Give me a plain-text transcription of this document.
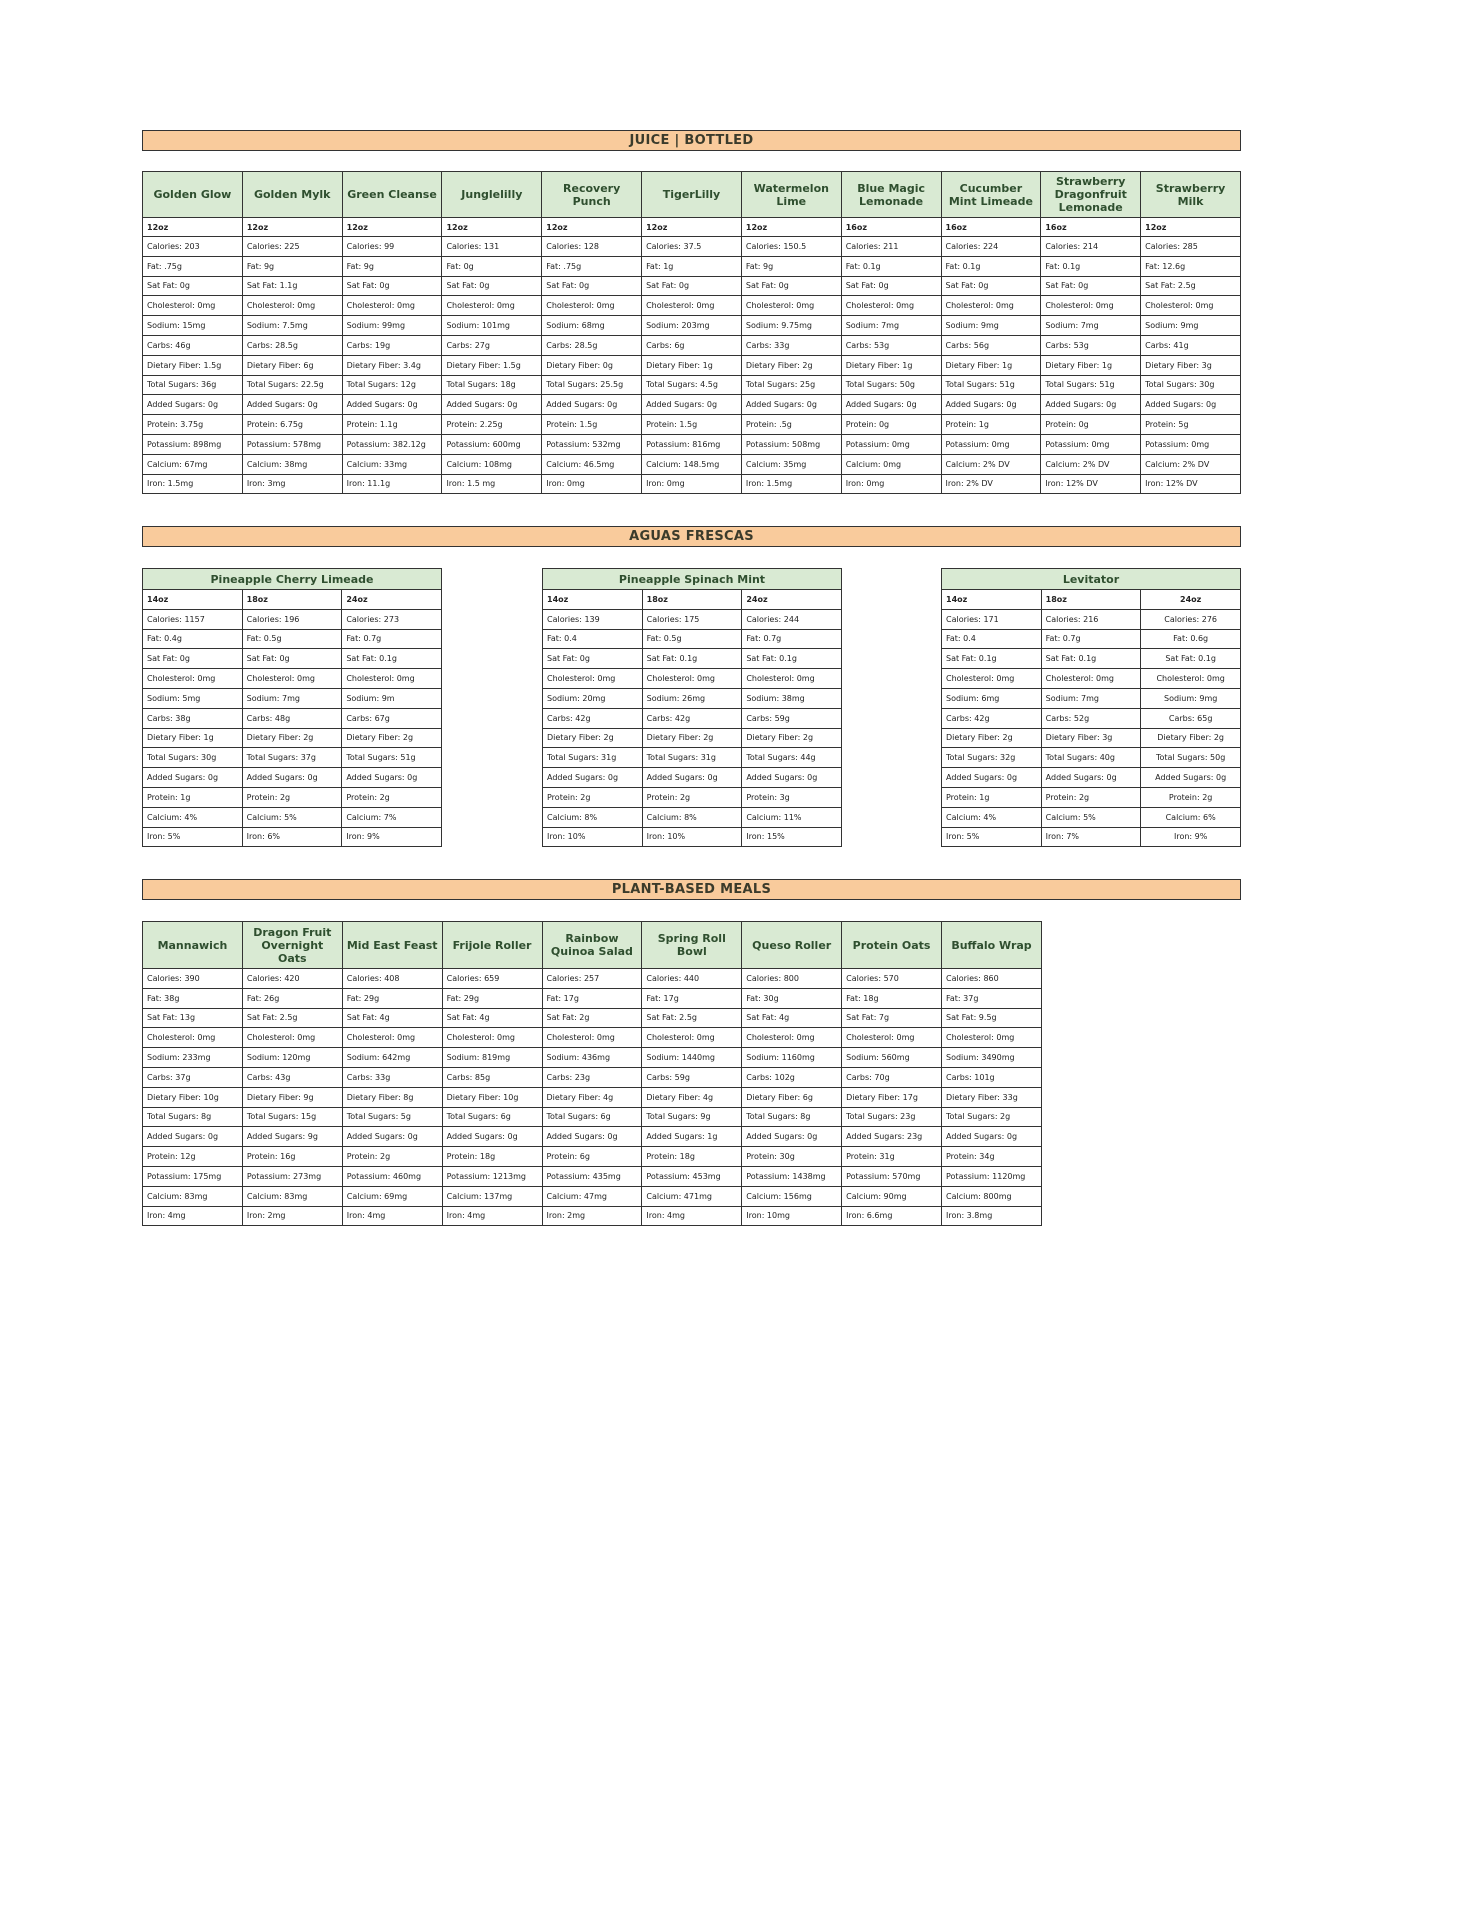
JUICE | BOTTLED
Golden Glow	Golden Mylk	Green Cleanse	Junglelilly	Recovery Punch	TigerLilly	Watermelon Lime	Blue Magic Lemonade	Cucumber Mint Limeade	Strawberry Dragonfruit Lemonade	Strawberry Milk
12oz	12oz	12oz	12oz	12oz	12oz	12oz	16oz	16oz	16oz	12oz
Calories: 203	Calories: 225	Calories: 99	Calories: 131	Calories: 128	Calories: 37.5	Calories: 150.5	Calories: 211	Calories: 224	Calories: 214	Calories: 285
Fat: .75g	Fat: 9g	Fat: 9g	Fat: 0g	Fat: .75g	Fat: 1g	Fat: 9g	Fat: 0.1g	Fat: 0.1g	Fat: 0.1g	Fat: 12.6g
Sat Fat: 0g	Sat Fat: 1.1g	Sat Fat: 0g	Sat Fat: 0g	Sat Fat: 0g	Sat Fat: 0g	Sat Fat: 0g	Sat Fat: 0g	Sat Fat: 0g	Sat Fat: 0g	Sat Fat: 2.5g
Cholesterol: 0mg	Cholesterol: 0mg	Cholesterol: 0mg	Cholesterol: 0mg	Cholesterol: 0mg	Cholesterol: 0mg	Cholesterol: 0mg	Cholesterol: 0mg	Cholesterol: 0mg	Cholesterol: 0mg	Cholesterol: 0mg
Sodium: 15mg	Sodium: 7.5mg	Sodium: 99mg	Sodium: 101mg	Sodium: 68mg	Sodium: 203mg	Sodium: 9.75mg	Sodium: 7mg	Sodium: 9mg	Sodium: 7mg	Sodium: 9mg
Carbs: 46g	Carbs: 28.5g	Carbs: 19g	Carbs: 27g	Carbs: 28.5g	Carbs: 6g	Carbs: 33g	Carbs: 53g	Carbs: 56g	Carbs: 53g	Carbs: 41g
Dietary Fiber: 1.5g	Dietary Fiber: 6g	Dietary Fiber: 3.4g	Dietary Fiber: 1.5g	Dietary Fiber: 0g	Dietary Fiber: 1g	Dietary Fiber: 2g	Dietary Fiber: 1g	Dietary Fiber: 1g	Dietary Fiber: 1g	Dietary Fiber: 3g
Total Sugars: 36g	Total Sugars: 22.5g	Total Sugars: 12g	Total Sugars: 18g	Total Sugars: 25.5g	Total Sugars: 4.5g	Total Sugars: 25g	Total Sugars: 50g	Total Sugars: 51g	Total Sugars: 51g	Total Sugars: 30g
Added Sugars: 0g	Added Sugars: 0g	Added Sugars: 0g	Added Sugars: 0g	Added Sugars: 0g	Added Sugars: 0g	Added Sugars: 0g	Added Sugars: 0g	Added Sugars: 0g	Added Sugars: 0g	Added Sugars: 0g
Protein: 3.75g	Protein: 6.75g	Protein: 1.1g	Protein: 2.25g	Protein: 1.5g	Protein: 1.5g	Protein: .5g	Protein: 0g	Protein: 1g	Protein: 0g	Protein: 5g
Potassium: 898mg	Potassium: 578mg	Potassium: 382.12g	Potassium: 600mg	Potassium: 532mg	Potassium: 816mg	Potassium: 508mg	Potassium: 0mg	Potassium: 0mg	Potassium: 0mg	Potassium: 0mg
Calcium: 67mg	Calcium: 38mg	Calcium: 33mg	Calcium: 108mg	Calcium: 46.5mg	Calcium: 148.5mg	Calcium: 35mg	Calcium: 0mg	Calcium: 2% DV	Calcium: 2% DV	Calcium: 2% DV
Iron: 1.5mg	Iron: 3mg	Iron: 11.1g	Iron: 1.5 mg	Iron: 0mg	Iron: 0mg	Iron: 1.5mg	Iron: 0mg	Iron: 2% DV	Iron: 12% DV	Iron: 12% DV
AGUAS FRESCAS
Pineapple Cherry Limeade		
14oz	18oz	24oz
Calories: 1157	Calories: 196	Calories: 273
Fat: 0.4g	Fat: 0.5g	Fat: 0.7g
Sat Fat: 0g	Sat Fat: 0g	Sat Fat: 0.1g
Cholesterol: 0mg	Cholesterol: 0mg	Cholesterol: 0mg
Sodium: 5mg	Sodium: 7mg	Sodium: 9m
Carbs: 38g	Carbs: 48g	Carbs: 67g
Dietary Fiber: 1g	Dietary Fiber: 2g	Dietary Fiber: 2g
Total Sugars: 30g	Total Sugars: 37g	Total Sugars: 51g
Added Sugars: 0g	Added Sugars: 0g	Added Sugars: 0g
Protein: 1g	Protein: 2g	Protein: 2g
Calcium: 4%	Calcium: 5%	Calcium: 7%
Iron: 5%	Iron: 6%	Iron: 9%
Pineapple Spinach Mint		
14oz	18oz	24oz
Calories: 139	Calories: 175	Calories: 244
Fat: 0.4	Fat: 0.5g	Fat: 0.7g
Sat Fat: 0g	Sat Fat: 0.1g	Sat Fat: 0.1g
Cholesterol: 0mg	Cholesterol: 0mg	Cholesterol: 0mg
Sodium: 20mg	Sodium: 26mg	Sodium: 38mg
Carbs: 42g	Carbs: 42g	Carbs: 59g
Dietary Fiber: 2g	Dietary Fiber: 2g	Dietary Fiber: 2g
Total Sugars: 31g	Total Sugars: 31g	Total Sugars: 44g
Added Sugars: 0g	Added Sugars: 0g	Added Sugars: 0g
Protein: 2g	Protein: 2g	Protein: 3g
Calcium: 8%	Calcium: 8%	Calcium: 11%
Iron: 10%	Iron: 10%	Iron: 15%
Levitator		
14oz	18oz	24oz
Calories: 171	Calories: 216	Calories: 276
Fat: 0.4	Fat: 0.7g	Fat: 0.6g
Sat Fat: 0.1g	Sat Fat: 0.1g	Sat Fat: 0.1g
Cholesterol: 0mg	Cholesterol: 0mg	Cholesterol: 0mg
Sodium: 6mg	Sodium: 7mg	Sodium: 9mg
Carbs: 42g	Carbs: 52g	Carbs: 65g
Dietary Fiber: 2g	Dietary Fiber: 3g	Dietary Fiber: 2g
Total Sugars: 32g	Total Sugars: 40g	Total Sugars: 50g
Added Sugars: 0g	Added Sugars: 0g	Added Sugars: 0g
Protein: 1g	Protein: 2g	Protein: 2g
Calcium: 4%	Calcium: 5%	Calcium: 6%
Iron: 5%	Iron: 7%	Iron: 9%
PLANT-BASED MEALS
Mannawich	Dragon Fruit Overnight Oats	Mid East Feast	Frijole Roller	Rainbow Quinoa Salad	Spring Roll Bowl	Queso Roller	Protein Oats	Buffalo Wrap
Calories: 390	Calories: 420	Calories: 408	Calories: 659	Calories: 257	Calories: 440	Calories: 800	Calories: 570	Calories: 860
Fat: 38g	Fat: 26g	Fat: 29g	Fat: 29g	Fat: 17g	Fat: 17g	Fat: 30g	Fat: 18g	Fat: 37g
Sat Fat: 13g	Sat Fat: 2.5g	Sat Fat: 4g	Sat Fat: 4g	Sat Fat: 2g	Sat Fat: 2.5g	Sat Fat: 4g	Sat Fat: 7g	Sat Fat: 9.5g
Cholesterol: 0mg	Cholesterol: 0mg	Cholesterol: 0mg	Cholesterol: 0mg	Cholesterol: 0mg	Cholesterol: 0mg	Cholesterol: 0mg	Cholesterol: 0mg	Cholesterol: 0mg
Sodium: 233mg	Sodium: 120mg	Sodium: 642mg	Sodium: 819mg	Sodium: 436mg	Sodium: 1440mg	Sodium: 1160mg	Sodium: 560mg	Sodium: 3490mg
Carbs: 37g	Carbs: 43g	Carbs: 33g	Carbs: 85g	Carbs: 23g	Carbs: 59g	Carbs: 102g	Carbs: 70g	Carbs: 101g
Dietary Fiber: 10g	Dietary Fiber: 9g	Dietary Fiber: 8g	Dietary Fiber: 10g	Dietary Fiber: 4g	Dietary Fiber: 4g	Dietary Fiber: 6g	Dietary Fiber: 17g	Dietary Fiber: 33g
Total Sugars: 8g	Total Sugars: 15g	Total Sugars: 5g	Total Sugars: 6g	Total Sugars: 6g	Total Sugars: 9g	Total Sugars: 8g	Total Sugars: 23g	Total Sugars: 2g
Added Sugars: 0g	Added Sugars: 9g	Added Sugars: 0g	Added Sugars: 0g	Added Sugars: 0g	Added Sugars: 1g	Added Sugars: 0g	Added Sugars: 23g	Added Sugars: 0g
Protein: 12g	Protein: 16g	Protein: 2g	Protein: 18g	Protein: 6g	Protein: 18g	Protein: 30g	Protein: 31g	Protein: 34g
Potassium: 175mg	Potassium: 273mg	Potassium: 460mg	Potassium: 1213mg	Potassium: 435mg	Potassium: 453mg	Potassium: 1438mg	Potassium: 570mg	Potassium: 1120mg
Calcium: 83mg	Calcium: 83mg	Calcium: 69mg	Calcium: 137mg	Calcium: 47mg	Calcium: 471mg	Calcium: 156mg	Calcium: 90mg	Calcium: 800mg
Iron: 4mg	Iron: 2mg	Iron: 4mg	Iron: 4mg	Iron: 2mg	Iron: 4mg	Iron: 10mg	Iron: 6.6mg	Iron: 3.8mg
